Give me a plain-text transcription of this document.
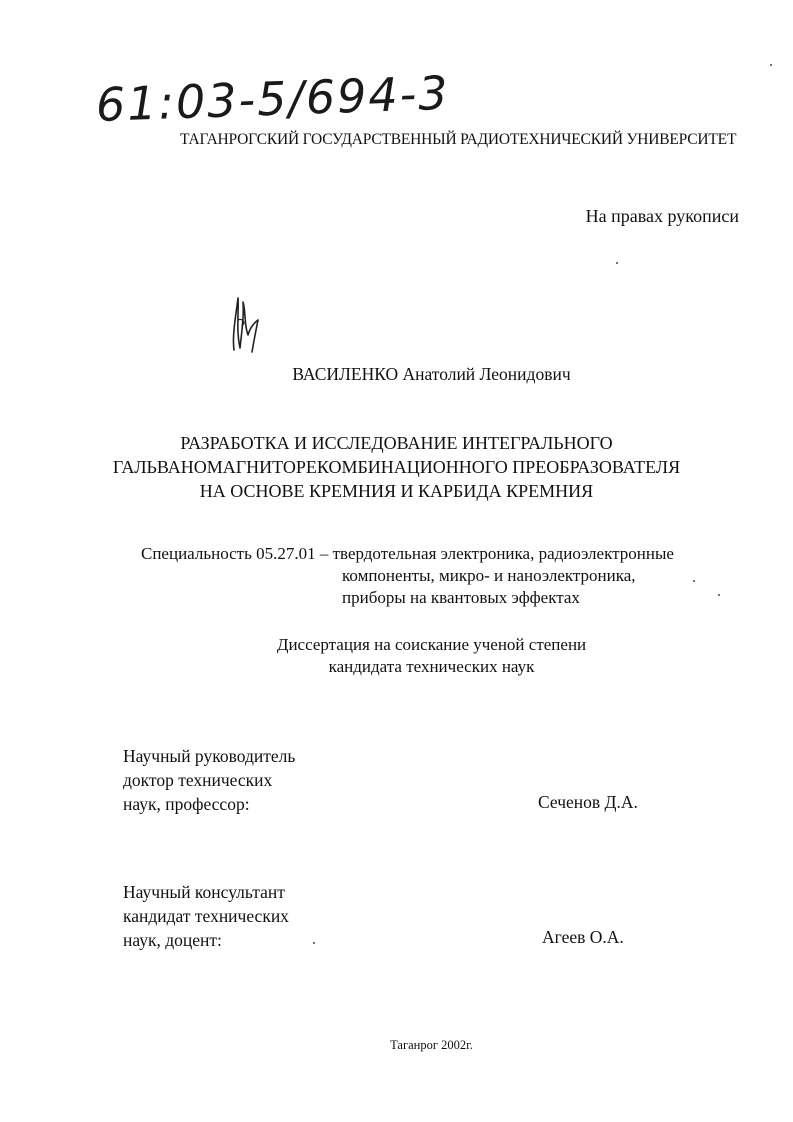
61:03-5/694-3
ТАГАНРОГСКИЙ ГОСУДАРСТВЕННЫЙ РАДИОТЕХНИЧЕСКИЙ УНИВЕРСИТЕТ
На правах рукописи
ВАСИЛЕНКО Анатолий Леонидович
РАЗРАБОТКА И ИССЛЕДОВАНИЕ ИНТЕГРАЛЬНОГО
ГАЛЬВАНОМАГНИТОРЕКОМБИНАЦИОННОГО ПРЕОБРАЗОВАТЕЛЯ
НА ОСНОВЕ КРЕМНИЯ И КАРБИДА КРЕМНИЯ
Специальность 05.27.01 – твердотельная электроника, радиоэлектронные
компоненты, микро- и наноэлектроника,
приборы на квантовых эффектах
Диссертация на соискание ученой степени
кандидата технических наук
Научный руководитель
доктор технических
наук, профессор:	Сеченов Д.А.
Научный консультант
кандидат технических
наук, доцент:	Агеев О.А.
Таганрог 2002г.
